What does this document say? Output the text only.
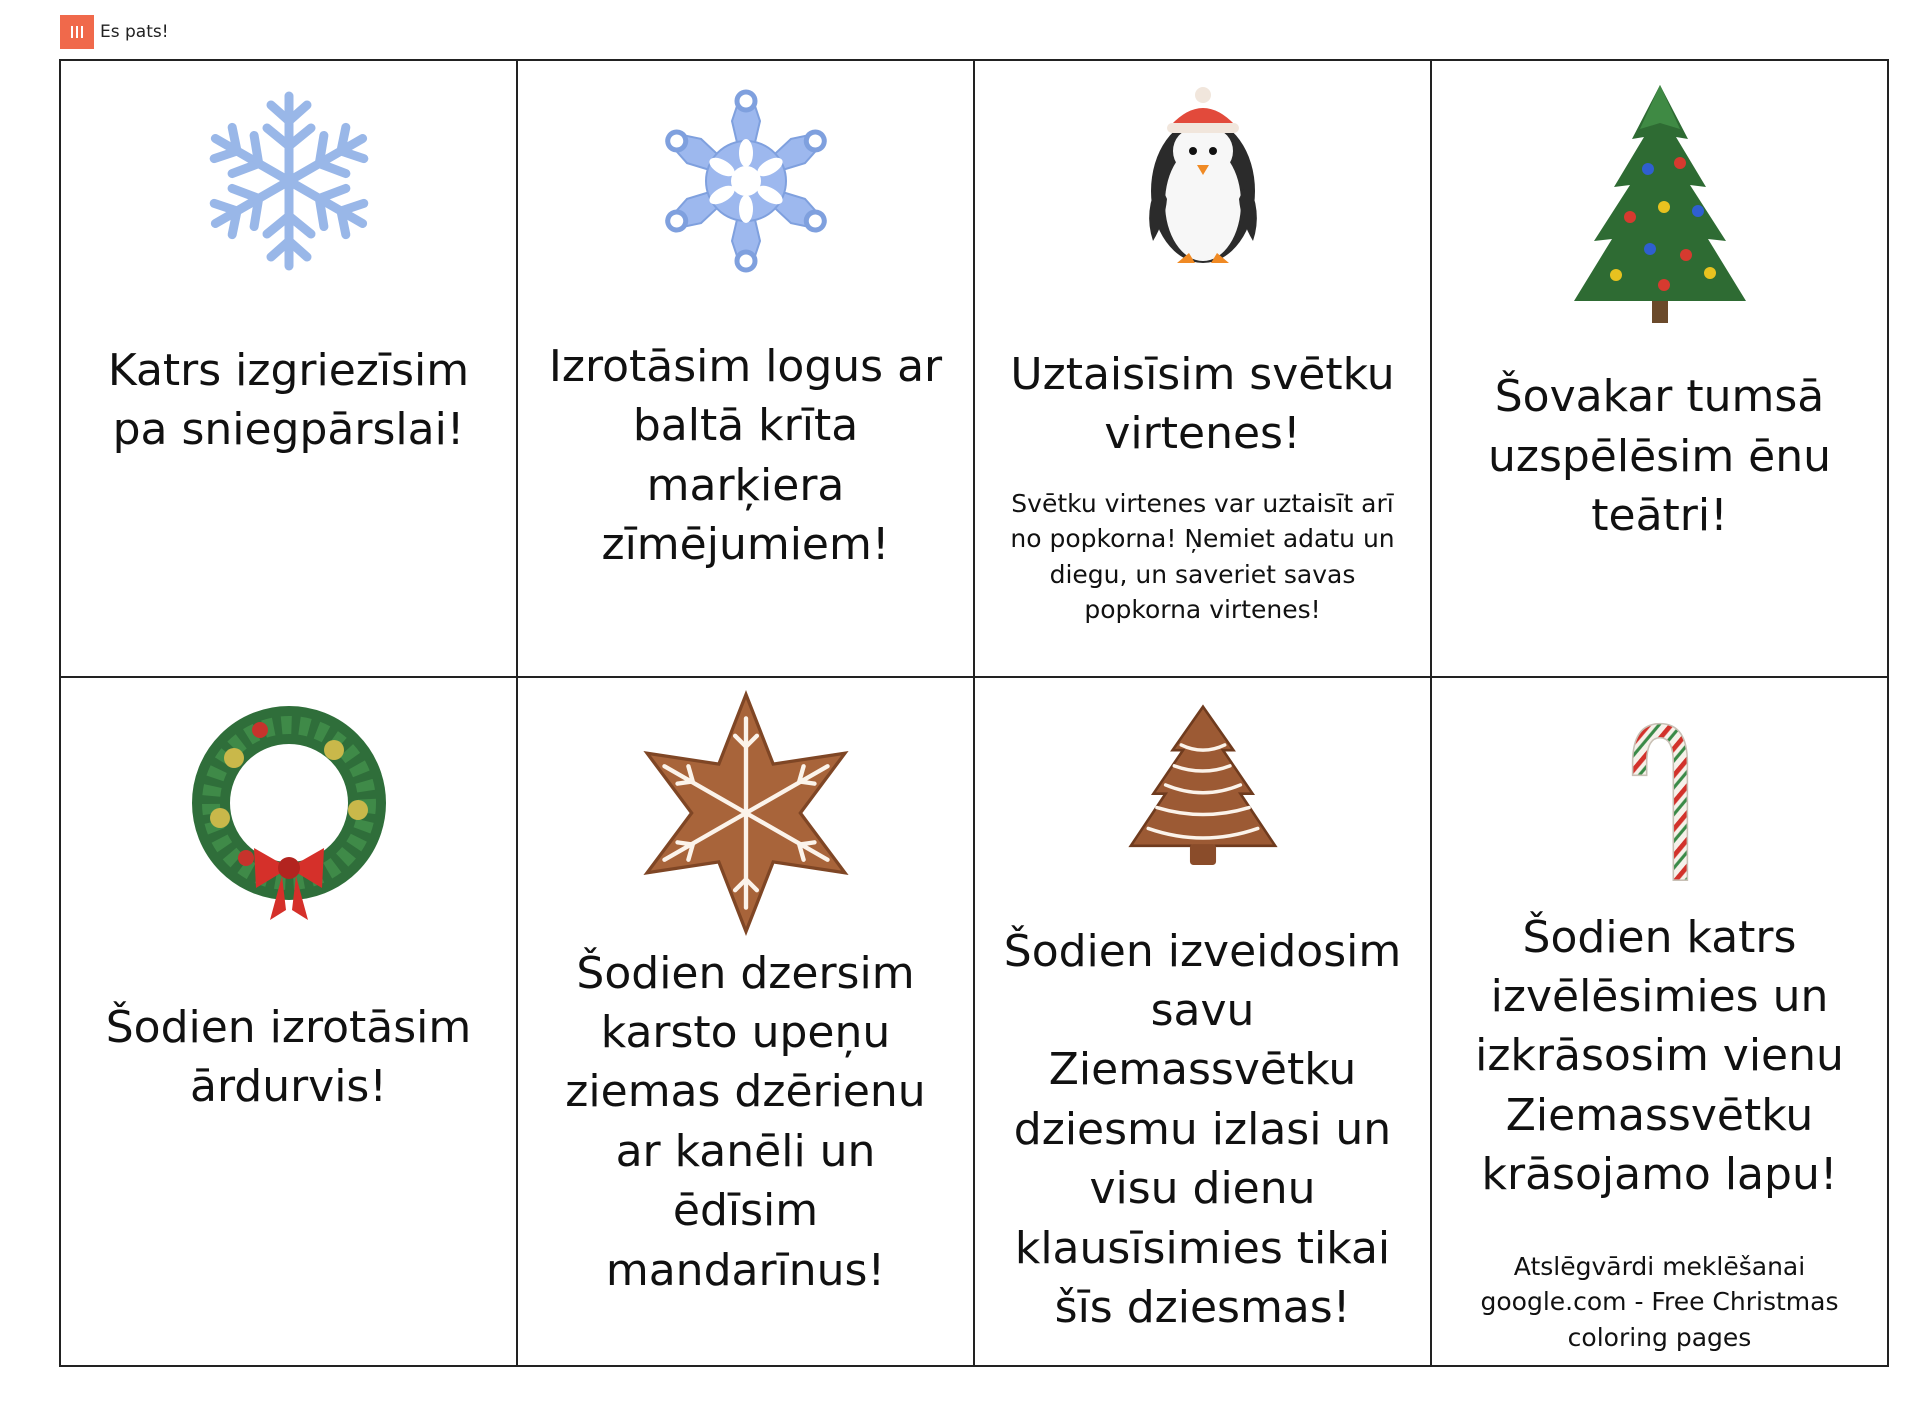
Es pats!
Katrs izgriezīsim pa sniegpārslai!
Izrotāsim logus ar baltā krīta marķiera zīmējumiem!
Uztaisīsim svētku virtenes!
Svētku virtenes var uztaisīt arī no popkorna! Ņemiet adatu un diegu, un saveriet savas popkorna virtenes!
Šovakar tumsā uzspēlēsim ēnu teātri!
Šodien izrotāsim ārdurvis!
Šodien dzersim karsto upeņu ziemas dzērienu ar kanēli un ēdīsim mandarīnus!
Šodien izveidosim savu Ziemassvētku dziesmu izlasi un visu dienu klausīsimies tikai šīs dziesmas!
Šodien katrs izvēlēsimies un izkrāsosim vienu Ziemassvētku krāsojamo lapu!
Atslēgvārdi meklēšanai google.com - Free Christmas coloring pages
